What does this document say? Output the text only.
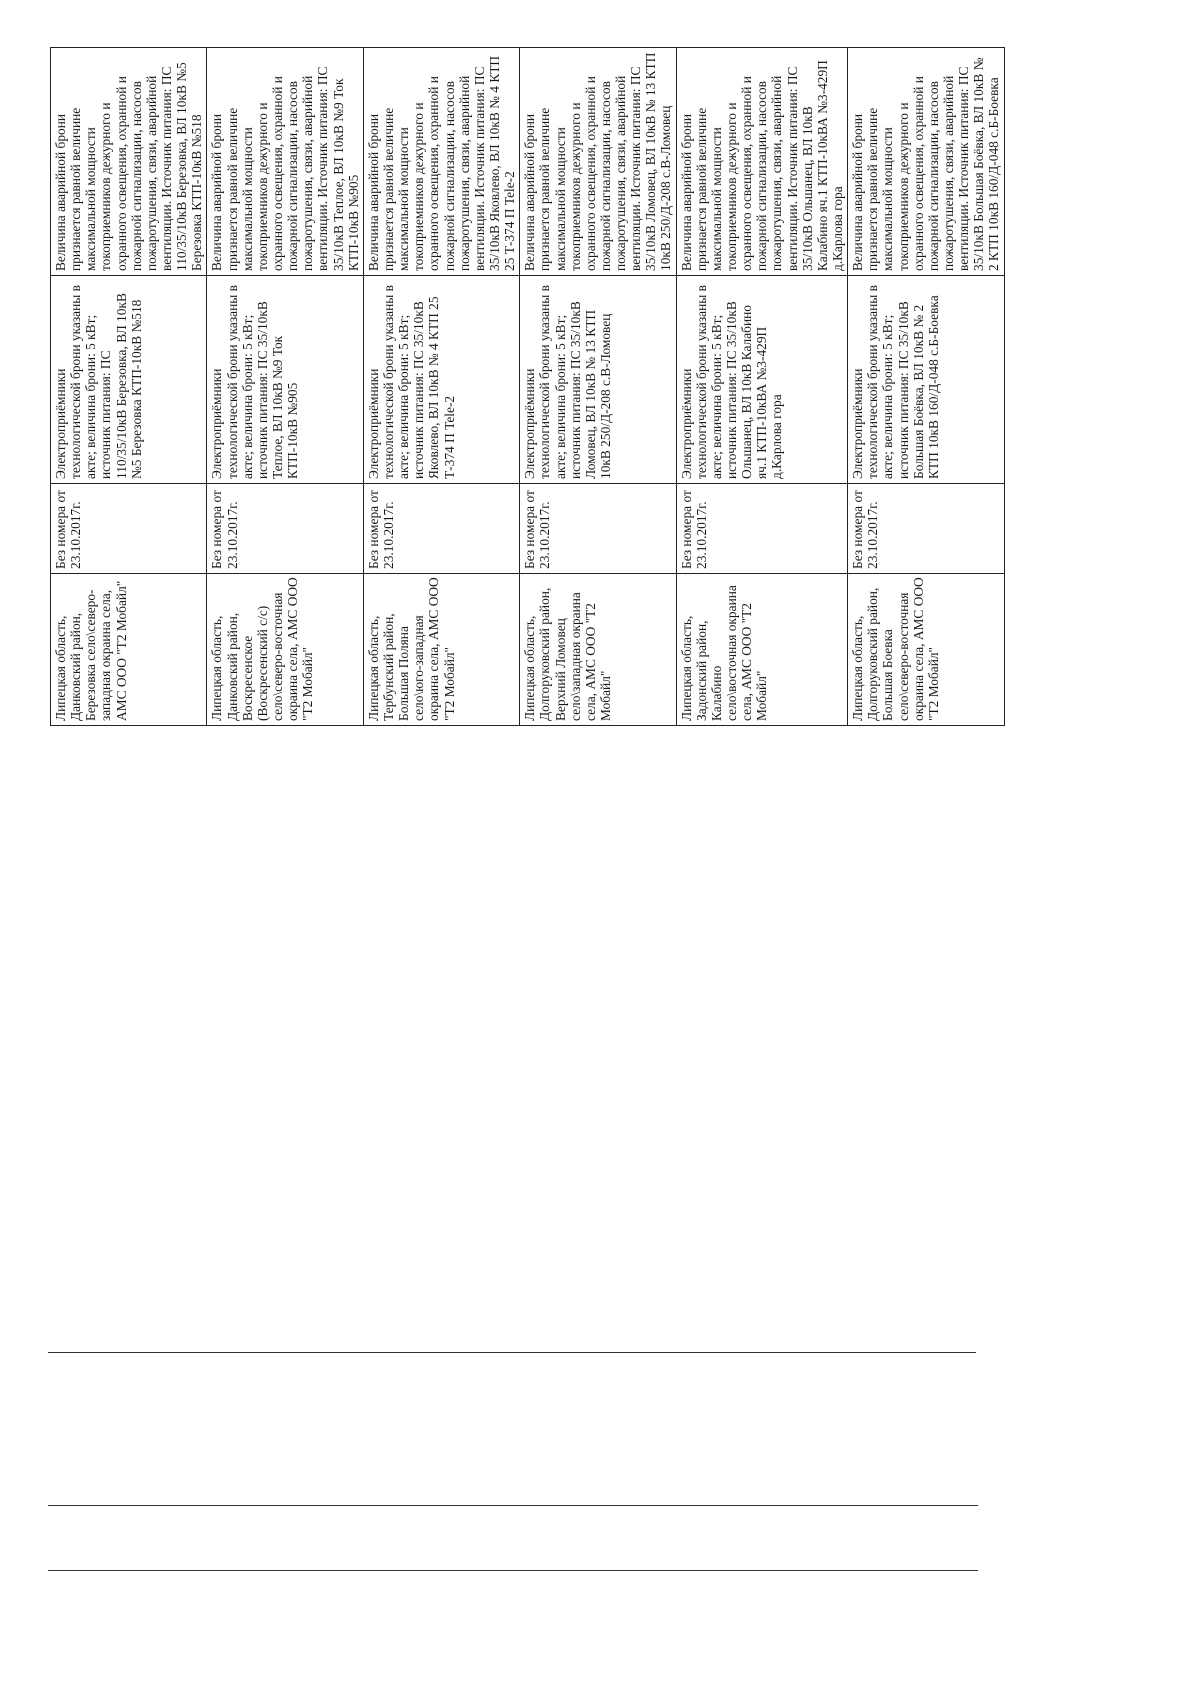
Липецкая область, Данковский район, Березовка село\северо-западная окраина села, АМС ООО "Т2 Мобайл"	Без номера от 23.10.2017г.	Электроприёмники технологической брони указаны в акте; величина брони: 5 кВт; источник питания: ПС 110/35/10кВ Березовка, ВЛ 10кВ №5 Березовка КТП-10кВ №518	Величина аварийной брони признается равной величине максимальной мощности токоприемников дежурного и охранного освещения, охранной и пожарной сигнализации, насосов пожаротушения, связи, аварийной вентиляции. Источник питания: ПС 110/35/10кВ Березовка, ВЛ 10кВ №5 Березовка КТП-10кВ №518
Липецкая область, Данковский район, Воскресенское (Воскресенский с/с) село\северо-восточная окраина села, АМС ООО "Т2 Мобайл"	Без номера от 23.10.2017г.	Электроприёмники технологической брони указаны в акте; величина брони: 5 кВт; источник питания: ПС 35/10кВ Теплое, ВЛ 10кВ №9 Ток КТП-10кВ №905	Величина аварийной брони признается равной величине максимальной мощности токоприемников дежурного и охранного освещения, охранной и пожарной сигнализации, насосов пожаротушения, связи, аварийной вентиляции. Источник питания: ПС 35/10кВ Теплое, ВЛ 10кВ №9 Ток КТП-10кВ №905
Липецкая область, Тербунский район, Большая Поляна село\юго-западная окраина села, АМС ООО "Т2 Мобайл"	Без номера от 23.10.2017г.	Электроприёмники технологической брони указаны в акте; величина брони: 5 кВт; источник питания: ПС 35/10кВ Яковлево, ВЛ 10кВ № 4 КТП 25 Т-374 П Tele-2	Величина аварийной брони признается равной величине максимальной мощности токоприемников дежурного и охранного освещения, охранной и пожарной сигнализации, насосов пожаротушения, связи, аварийной вентиляции. Источник питания: ПС 35/10кВ Яковлево, ВЛ 10кВ № 4 КТП 25 Т-374 П Tele-2
Липецкая область, Долгоруковский район, Верхний Ломовец село\западная окраина села, АМС ООО "Т2 Мобайл"	Без номера от 23.10.2017г.	Электроприёмники технологической брони указаны в акте; величина брони: 5 кВт; источник питания: ПС 35/10кВ Ломовец, ВЛ 10кВ № 13 КТП 10кВ 250/Д-208 с.В-Ломовец	Величина аварийной брони признается равной величине максимальной мощности токоприемников дежурного и охранного освещения, охранной и пожарной сигнализации, насосов пожаротушения, связи, аварийной вентиляции. Источник питания: ПС 35/10кВ Ломовец, ВЛ 10кВ № 13 КТП 10кВ 250/Д-208 с.В-Ломовец
Липецкая область, Задонский район, Калабино село\восточная окраина села, АМС ООО "Т2 Мобайл"	Без номера от 23.10.2017г.	Электроприёмники технологической брони указаны в акте; величина брони: 5 кВт; источник питания: ПС 35/10кВ Ольшанец, ВЛ 10кВ Калабино яч.1 КТП-10кВА №3-429П д.Карлова гора	Величина аварийной брони признается равной величине максимальной мощности токоприемников дежурного и охранного освещения, охранной и пожарной сигнализации, насосов пожаротушения, связи, аварийной вентиляции. Источник питания: ПС 35/10кВ Ольшанец, ВЛ 10кВ Калабино яч.1 КТП-10кВА №3-429П д.Карлова гора
Липецкая область, Долгоруковский район, Большая Боевка село\северо-восточная окраина села, АМС ООО "Т2 Мобайл"	Без номера от 23.10.2017г.	Электроприёмники технологической брони указаны в акте; величина брони: 5 кВт; источник питания: ПС 35/10кВ Большая Боёвка, ВЛ 10кВ № 2 КТП 10кВ 160/Д-048 с.Б-Боевка	Величина аварийной брони признается равной величине максимальной мощности токоприемников дежурного и охранного освещения, охранной и пожарной сигнализации, насосов пожаротушения, связи, аварийной вентиляции. Источник питания: ПС 35/10кВ Большая Боёвка, ВЛ 10кВ № 2 КТП 10кВ 160/Д-048 с.Б-Боевка
